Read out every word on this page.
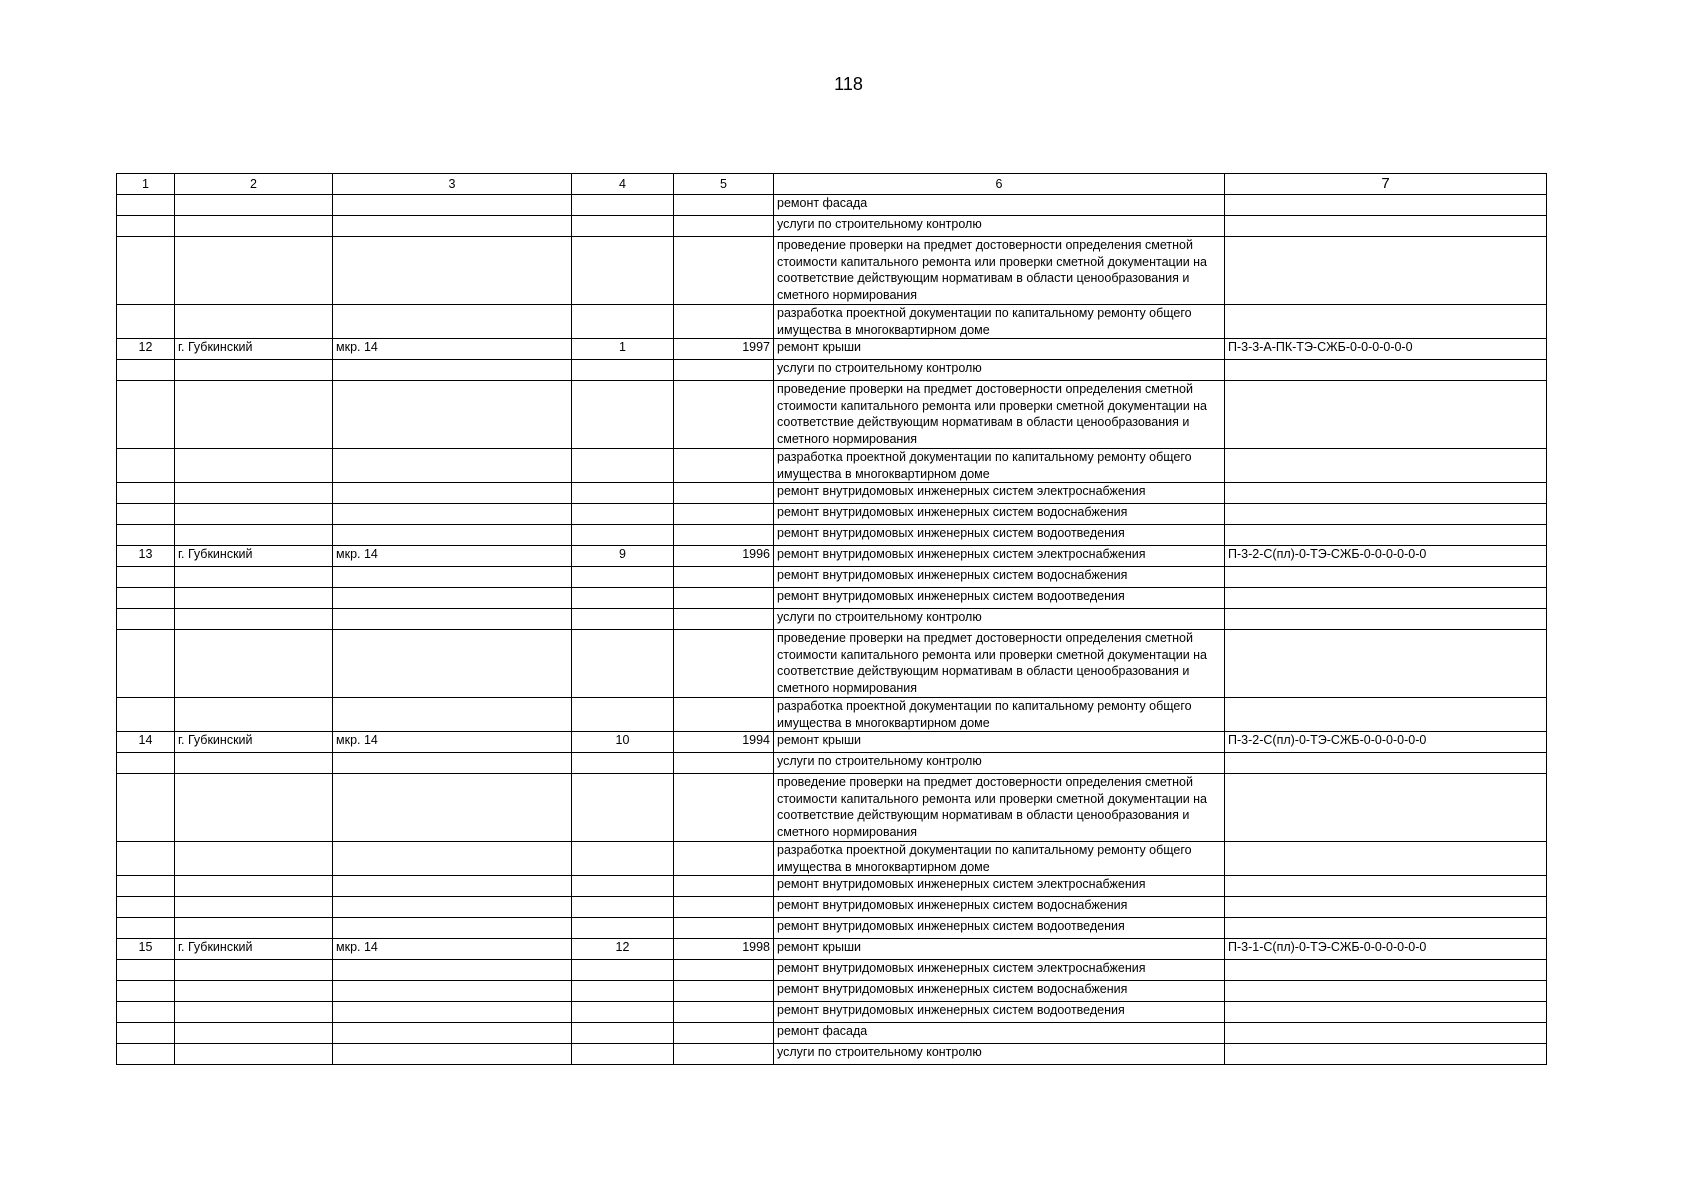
118
1	2	3	4	5	6	7
					ремонт фасада	
					услуги по строительному контролю	
					проведение проверки на предмет достоверности определения сметной стоимости капитального ремонта или проверки сметной документации на соответствие действующим нормативам в области ценообразования и сметного нормирования	
					разработка проектной документации по капитальному ремонту общего имущества в многоквартирном доме	
12	г. Губкинский	мкр. 14	1	1997	ремонт крыши	П-3-3-А-ПК-ТЭ-СЖБ-0-0-0-0-0-0
					услуги по строительному контролю	
					проведение проверки на предмет достоверности определения сметной стоимости капитального ремонта или проверки сметной документации на соответствие действующим нормативам в области ценообразования и сметного нормирования	
					разработка проектной документации по капитальному ремонту общего имущества в многоквартирном доме	
					ремонт внутридомовых инженерных систем электроснабжения	
					ремонт внутридомовых инженерных систем водоснабжения	
					ремонт внутридомовых инженерных систем водоотведения	
13	г. Губкинский	мкр. 14	9	1996	ремонт внутридомовых инженерных систем электроснабжения	П-3-2-С(пл)-0-ТЭ-СЖБ-0-0-0-0-0-0
					ремонт внутридомовых инженерных систем водоснабжения	
					ремонт внутридомовых инженерных систем водоотведения	
					услуги по строительному контролю	
					проведение проверки на предмет достоверности определения сметной стоимости капитального ремонта или проверки сметной документации на соответствие действующим нормативам в области ценообразования и сметного нормирования	
					разработка проектной документации по капитальному ремонту общего имущества в многоквартирном доме	
14	г. Губкинский	мкр. 14	10	1994	ремонт крыши	П-3-2-С(пл)-0-ТЭ-СЖБ-0-0-0-0-0-0
					услуги по строительному контролю	
					проведение проверки на предмет достоверности определения сметной стоимости капитального ремонта или проверки сметной документации на соответствие действующим нормативам в области ценообразования и сметного нормирования	
					разработка проектной документации по капитальному ремонту общего имущества в многоквартирном доме	
					ремонт внутридомовых инженерных систем электроснабжения	
					ремонт внутридомовых инженерных систем водоснабжения	
					ремонт внутридомовых инженерных систем водоотведения	
15	г. Губкинский	мкр. 14	12	1998	ремонт крыши	П-3-1-С(пл)-0-ТЭ-СЖБ-0-0-0-0-0-0
					ремонт внутридомовых инженерных систем электроснабжения	
					ремонт внутридомовых инженерных систем водоснабжения	
					ремонт внутридомовых инженерных систем водоотведения	
					ремонт фасада	
					услуги по строительному контролю	
